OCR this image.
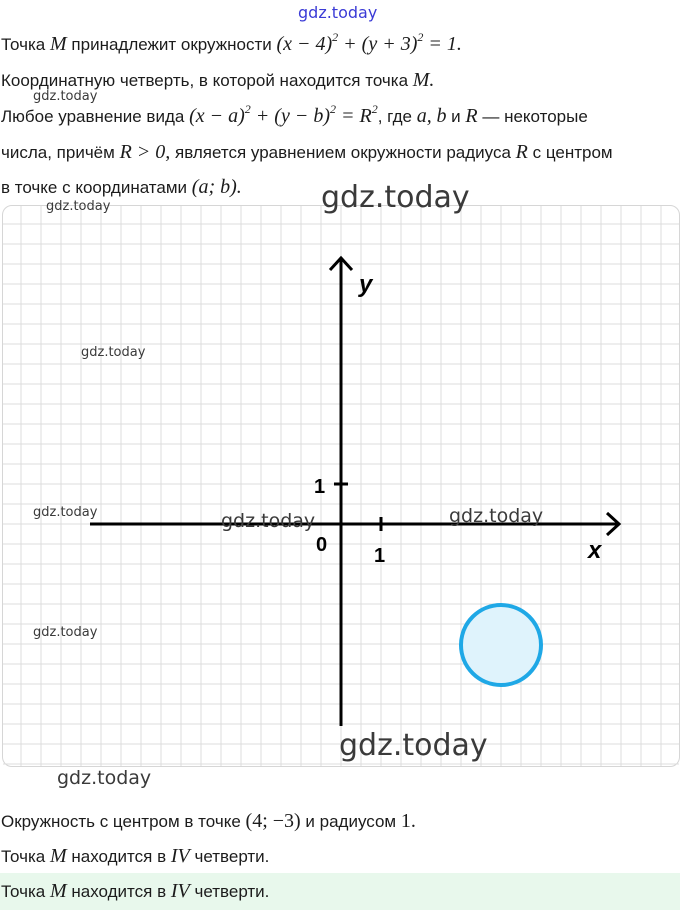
gdz.today
Точка M принадлежит окружности $(x - 4)^2 + (y + 3)^2 = 1$.
Координатную четверть, в которой находится точка M.
gdz.today
Любое уравнение вида $(x - a)^2 + (y - b)^2 = R^2$, где a, b и R — некоторые
числа, причём R > 0, является уравнением окружности радиуса R с центром
в точке с координатами (a; b).
y
x
0 1
1
gdz.today
gdz.today
gdz.today
gdz.today	gdz.today	gdz.today
gdz.today
gdz.today
gdz.today
Окружность с центром в точке (4; −3) и радиусом 1.
Точка M находится в IV четверти.
Точка M находится в IV четверти.
